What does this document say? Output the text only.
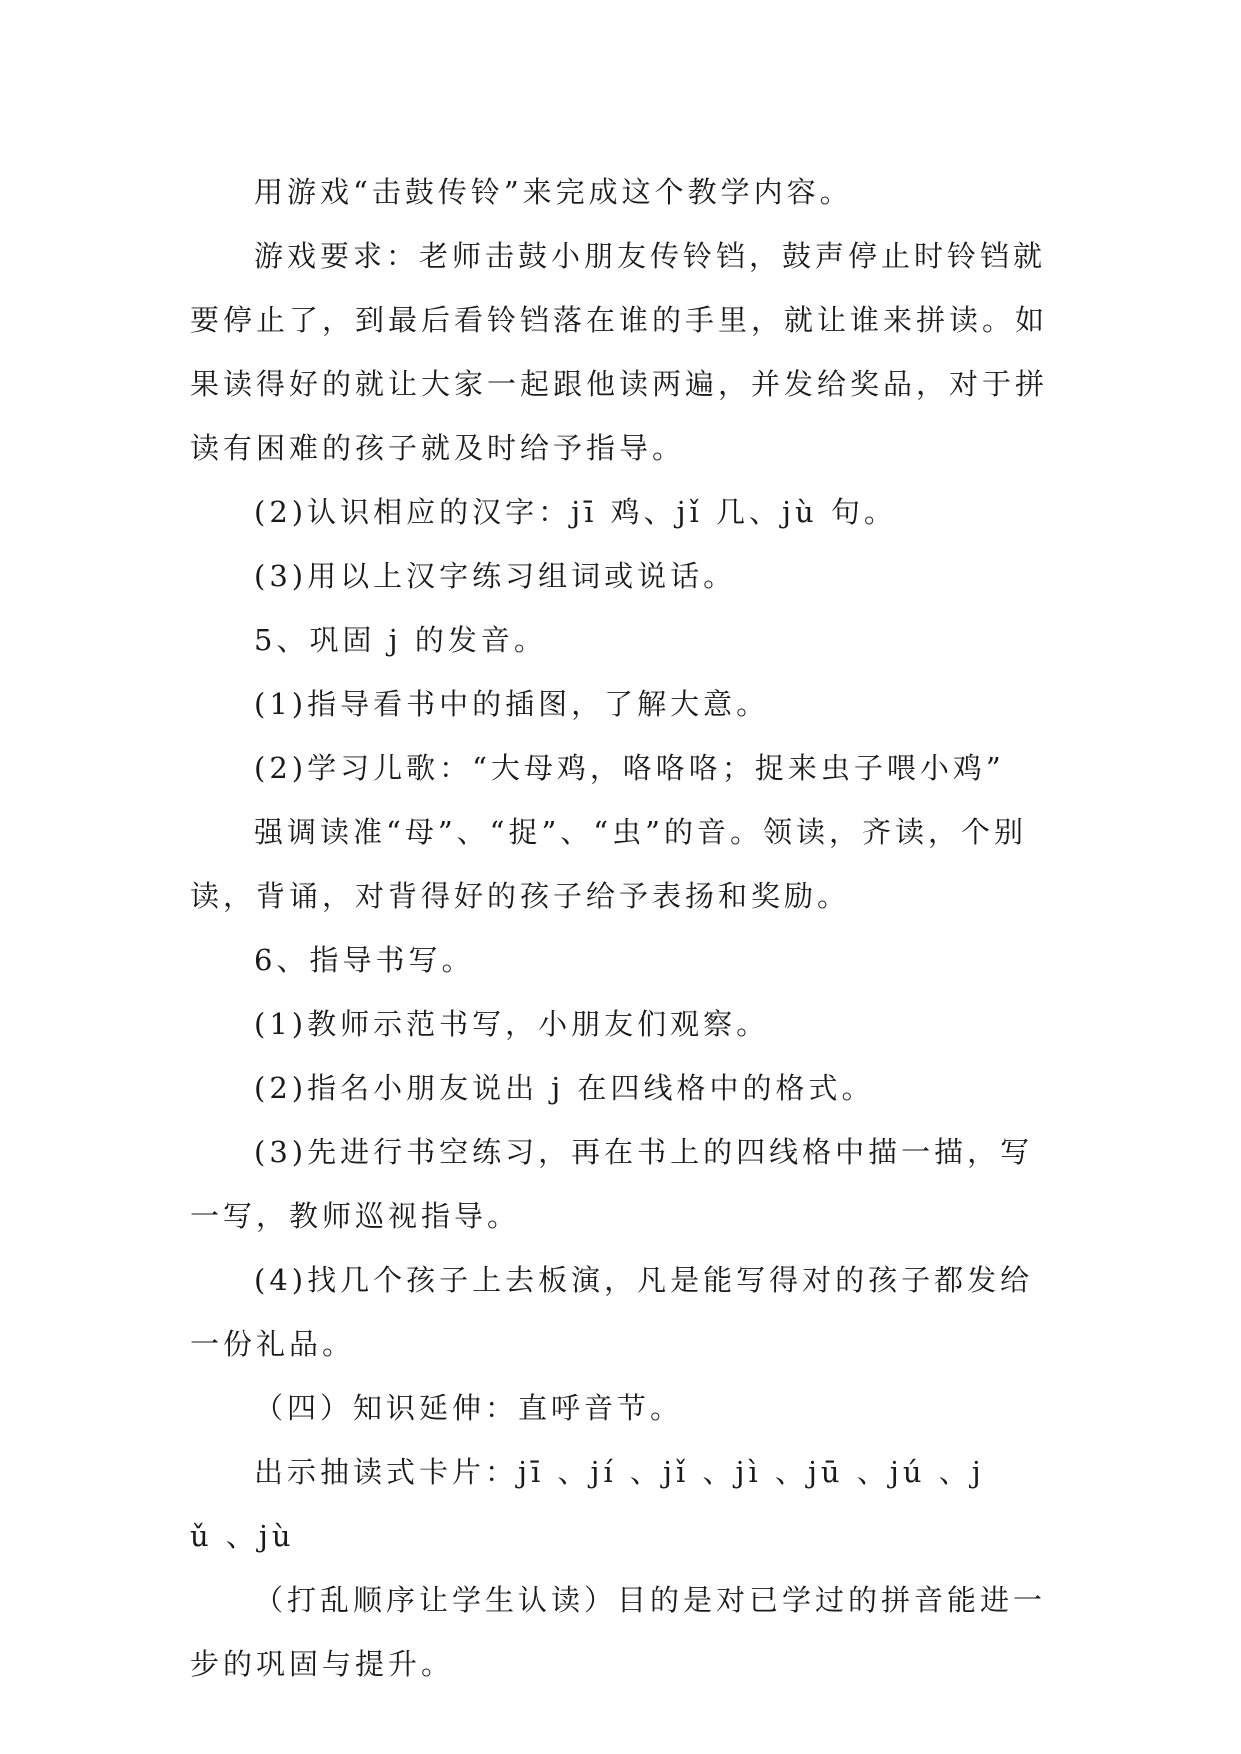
用游戏“击鼓传铃”来完成这个教学内容。
游戏要求：老师击鼓小朋友传铃铛，鼓声停止时铃铛就
要停止了，到最后看铃铛落在谁的手里，就让谁来拼读。如
果读得好的就让大家一起跟他读两遍，并发给奖品，对于拼
读有困难的孩子就及时给予指导。
(2)认识相应的汉字：jī 鸡、jǐ 几、jù 句。
(3)用以上汉字练习组词或说话。
5、巩固 j 的发音。
(1)指导看书中的插图，了解大意。
(2)学习儿歌：“大母鸡，咯咯咯；捉来虫子喂小鸡”
强调读准“母”、“捉”、“虫”的音。领读，齐读，个别
读，背诵，对背得好的孩子给予表扬和奖励。
6、指导书写。
(1)教师示范书写，小朋友们观察。
(2)指名小朋友说出 j 在四线格中的格式。
(3)先进行书空练习，再在书上的四线格中描一描，写
一写，教师巡视指导。
(4)找几个孩子上去板演，凡是能写得对的孩子都发给
一份礼品。
（四）知识延伸：直呼音节。
出示抽读式卡片：jī 、jí 、jǐ 、jì 、jū 、jú 、j
ǔ 、jù
（打乱顺序让学生认读）目的是对已学过的拼音能进一
步的巩固与提升。
